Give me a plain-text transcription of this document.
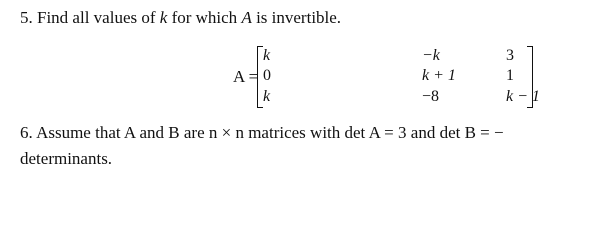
5. Find all values of k for which A is invertible.
A =
k	−k	3
0	k + 1	1
k	−8	k − 1
6. Assume that A and B are n × n matrices with det A = 3 and det B = −
determinants.
